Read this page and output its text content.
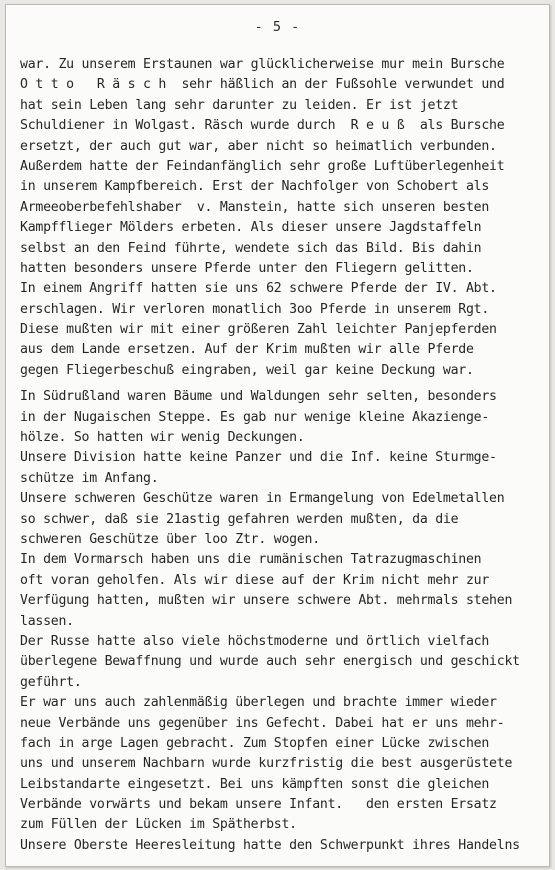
- 5 -
war. Zu unserem Erstaunen war glücklicherweise mur mein Bursche
O t t o   R ä s c h  sehr häßlich an der Fußsohle verwundet und
hat sein Leben lang sehr darunter zu leiden. Er ist jetzt
Schuldiener in Wolgast. Räsch wurde durch  R e u ß  als Bursche
ersetzt, der auch gut war, aber nicht so heimatlich verbunden.
Außerdem hatte der Feindanfänglich sehr große Luftüberlegenheit
in unserem Kampfbereich. Erst der Nachfolger von Schobert als
Armeeoberbefehlshaber  v. Manstein, hatte sich unseren besten
Kampfflieger Mölders erbeten. Als dieser unsere Jagdstaffeln
selbst an den Feind führte, wendete sich das Bild. Bis dahin
hatten besonders unsere Pferde unter den Fliegern gelitten.
In einem Angriff hatten sie uns 62 schwere Pferde der IV. Abt.
erschlagen. Wir verloren monatlich 3oo Pferde in unserem Rgt.
Diese mußten wir mit einer größeren Zahl leichter Panjepferden
aus dem Lande ersetzen. Auf der Krim mußten wir alle Pferde
gegen Fliegerbeschuß eingraben, weil gar keine Deckung war.
In Südrußland waren Bäume und Waldungen sehr selten, besonders
in der Nugaischen Steppe. Es gab nur wenige kleine Akazienge-
hölze. So hatten wir wenig Deckungen.
Unsere Division hatte keine Panzer und die Inf. keine Sturmge-
schütze im Anfang.
Unsere schweren Geschütze waren in Ermangelung von Edelmetallen
so schwer, daß sie 21astig gefahren werden mußten, da die
schweren Geschütze über loo Ztr. wogen.
In dem Vormarsch haben uns die rumänischen Tatrazugmaschinen
oft voran geholfen. Als wir diese auf der Krim nicht mehr zur
Verfügung hatten, mußten wir unsere schwere Abt. mehrmals stehen
lassen.
Der Russe hatte also viele höchstmoderne und örtlich vielfach
überlegene Bewaffnung und wurde auch sehr energisch und geschickt
geführt.
Er war uns auch zahlenmäßig überlegen und brachte immer wieder
neue Verbände uns gegenüber ins Gefecht. Dabei hat er uns mehr-
fach in arge Lagen gebracht. Zum Stopfen einer Lücke zwischen
uns und unserem Nachbarn wurde kurzfristig die best ausgerüstete
Leibstandarte eingesetzt. Bei uns kämpften sonst die gleichen
Verbände vorwärts und bekam unsere Infant.   den ersten Ersatz
zum Füllen der Lücken im Spätherbst.
Unsere Oberste Heeresleitung hatte den Schwerpunkt ihres Handelns
